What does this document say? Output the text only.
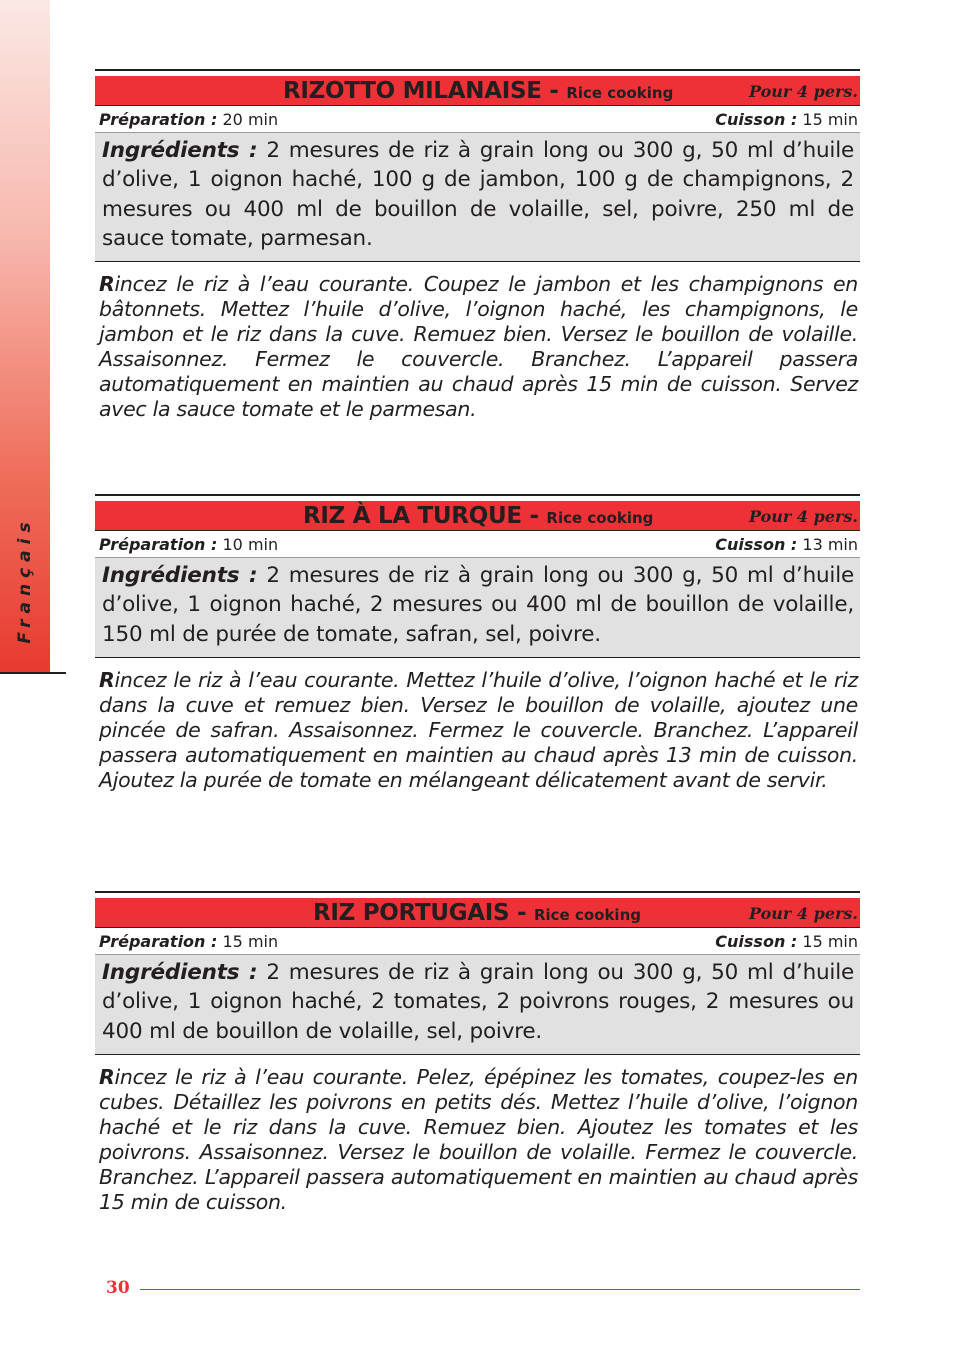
Français
RIZOTTO MILANAISE - Rice cooking	Pour 4 pers.
Préparation : 20 min	Cuisson : 15 min
Ingrédients : 2 mesures de riz à grain long ou 300 g, 50 ml d’huile d’olive, 1 oignon haché, 100 g de jambon, 100 g de champignons, 2 mesures ou 400 ml de bouillon de volaille, sel, poivre, 250 ml de sauce tomate, parmesan.
Rincez le riz à l’eau courante. Coupez le jambon et les champignons en bâtonnets. Mettez l’huile d’olive, l’oignon haché, les champignons, le jambon et le riz dans la cuve. Remuez bien. Versez le bouillon de volaille. Assaisonnez. Fermez le couvercle. Branchez. L’appareil passera automatiquement en maintien au chaud après 15 min de cuisson. Servez avec la sauce tomate et le parmesan.
RIZ À LA TURQUE - Rice cooking	Pour 4 pers.
Préparation : 10 min	Cuisson : 13 min
Ingrédients : 2 mesures de riz à grain long ou 300 g, 50 ml d’huile d’olive, 1 oignon haché, 2 mesures ou 400 ml de bouillon de volaille, 150 ml de purée de tomate, safran, sel, poivre.
Rincez le riz à l’eau courante. Mettez l’huile d’olive, l’oignon haché et le riz dans la cuve et remuez bien. Versez le bouillon de volaille, ajoutez une pincée de safran. Assaisonnez. Fermez le couvercle. Branchez. L’appareil passera automatiquement en maintien au chaud après 13 min de cuisson. Ajoutez la purée de tomate en mélangeant délicatement avant de servir.
RIZ PORTUGAIS - Rice cooking	Pour 4 pers.
Préparation : 15 min	Cuisson : 15 min
Ingrédients : 2 mesures de riz à grain long ou 300 g, 50 ml d’huile d’olive, 1 oignon haché, 2 tomates, 2 poivrons rouges, 2 mesures ou 400 ml de bouillon de volaille, sel, poivre.
Rincez le riz à l’eau courante. Pelez, épépinez les tomates, coupez-les en cubes. Détaillez les poivrons en petits dés. Mettez l’huile d’olive, l’oignon haché et le riz dans la cuve. Remuez bien. Ajoutez les tomates et les poivrons. Assaisonnez. Versez le bouillon de volaille. Fermez le couvercle. Branchez. L’appareil passera automatiquement en maintien au chaud après 15 min de cuisson.
30
